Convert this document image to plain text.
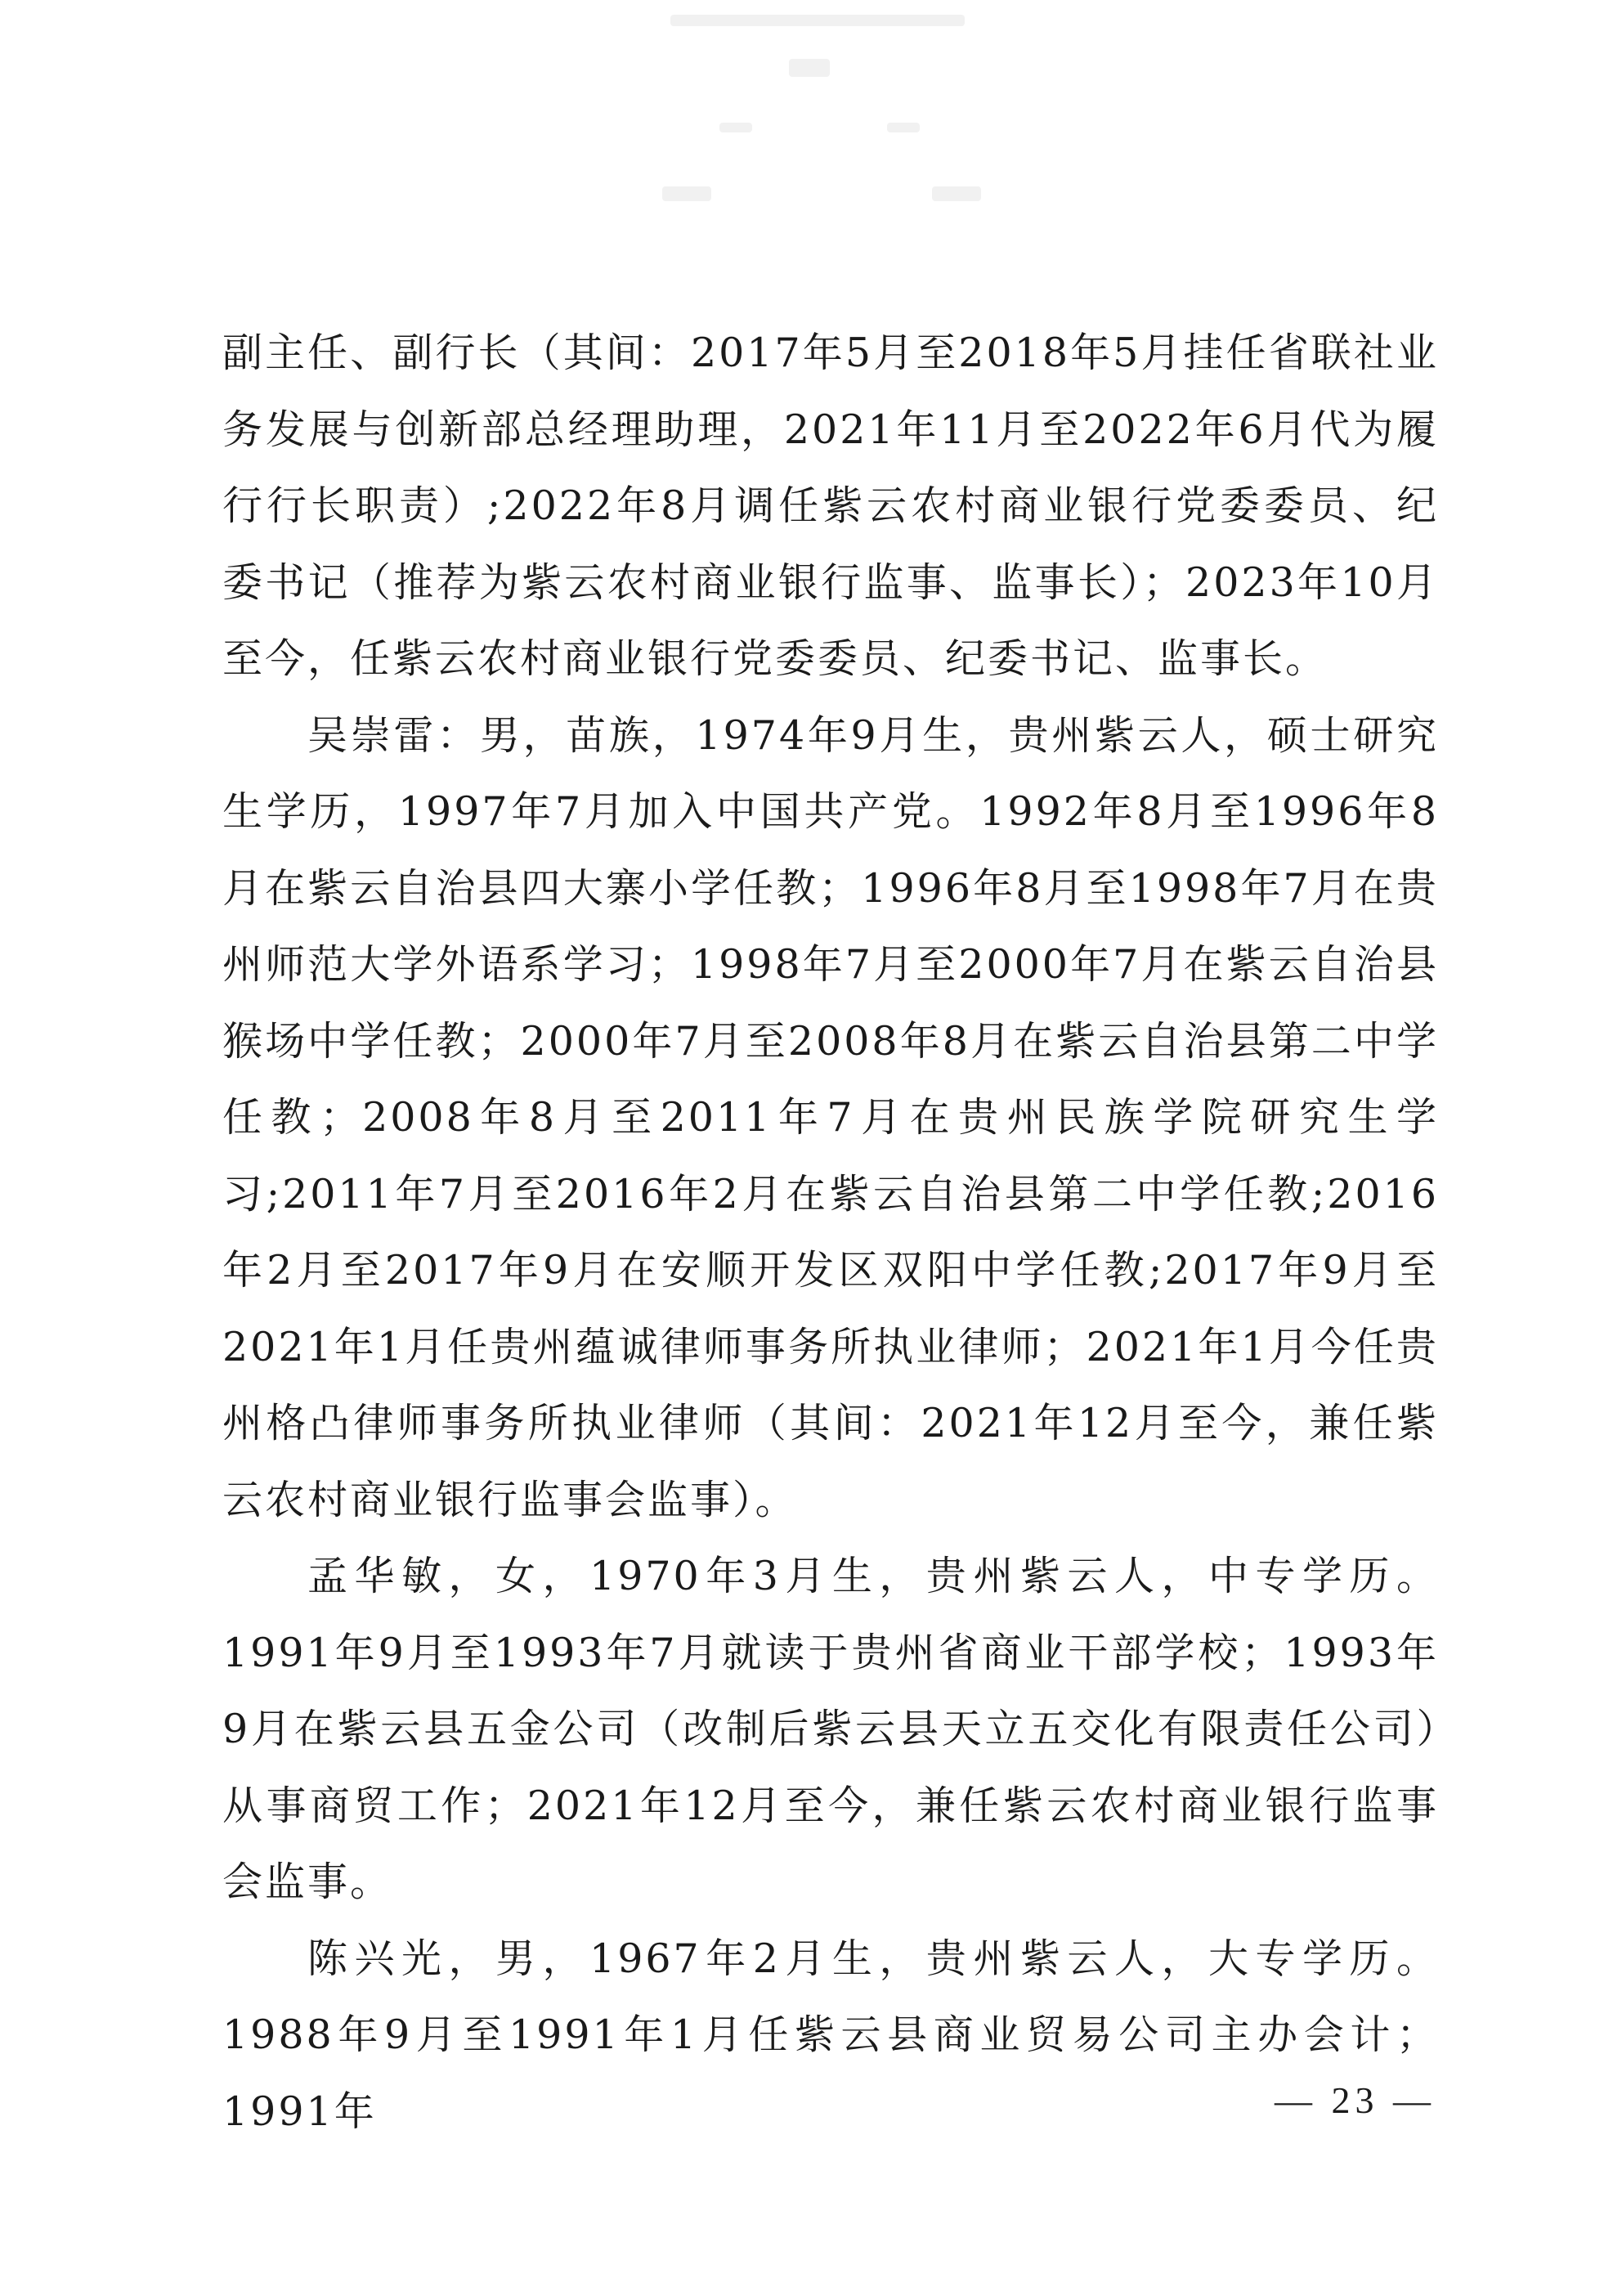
副主任、副行长（其间：2017年5月至2018年5月挂任省联社业务发展与创新部总经理助理，2021年11月至2022年6月代为履行行长职责）;2022年8月调任紫云农村商业银行党委委员、纪委书记（推荐为紫云农村商业银行监事、监事长）；2023年10月至今，任紫云农村商业银行党委委员、纪委书记、监事长。

吴崇雷：男，苗族，1974年9月生，贵州紫云人，硕士研究生学历，1997年7月加入中国共产党。1992年8月至1996年8月在紫云自治县四大寨小学任教；1996年8月至1998年7月在贵州师范大学外语系学习；1998年7月至2000年7月在紫云自治县猴场中学任教；2000年7月至2008年8月在紫云自治县第二中学任教；2008年8月至2011年7月在贵州民族学院研究生学习;2011年7月至2016年2月在紫云自治县第二中学任教;2016年2月至2017年9月在安顺开发区双阳中学任教;2017年9月至2021年1月任贵州蕴诚律师事务所执业律师；2021年1月今任贵州格凸律师事务所执业律师（其间：2021年12月至今，兼任紫云农村商业银行监事会监事）。

孟华敏，女，1970年3月生，贵州紫云人，中专学历。1991年9月至1993年7月就读于贵州省商业干部学校；1993年9月在紫云县五金公司（改制后紫云县天立五交化有限责任公司）从事商贸工作；2021年12月至今，兼任紫云农村商业银行监事会监事。

陈兴光，男，1967年2月生，贵州紫云人，大专学历。1988年9月至1991年1月任紫云县商业贸易公司主办会计；1991年	— 23 —
